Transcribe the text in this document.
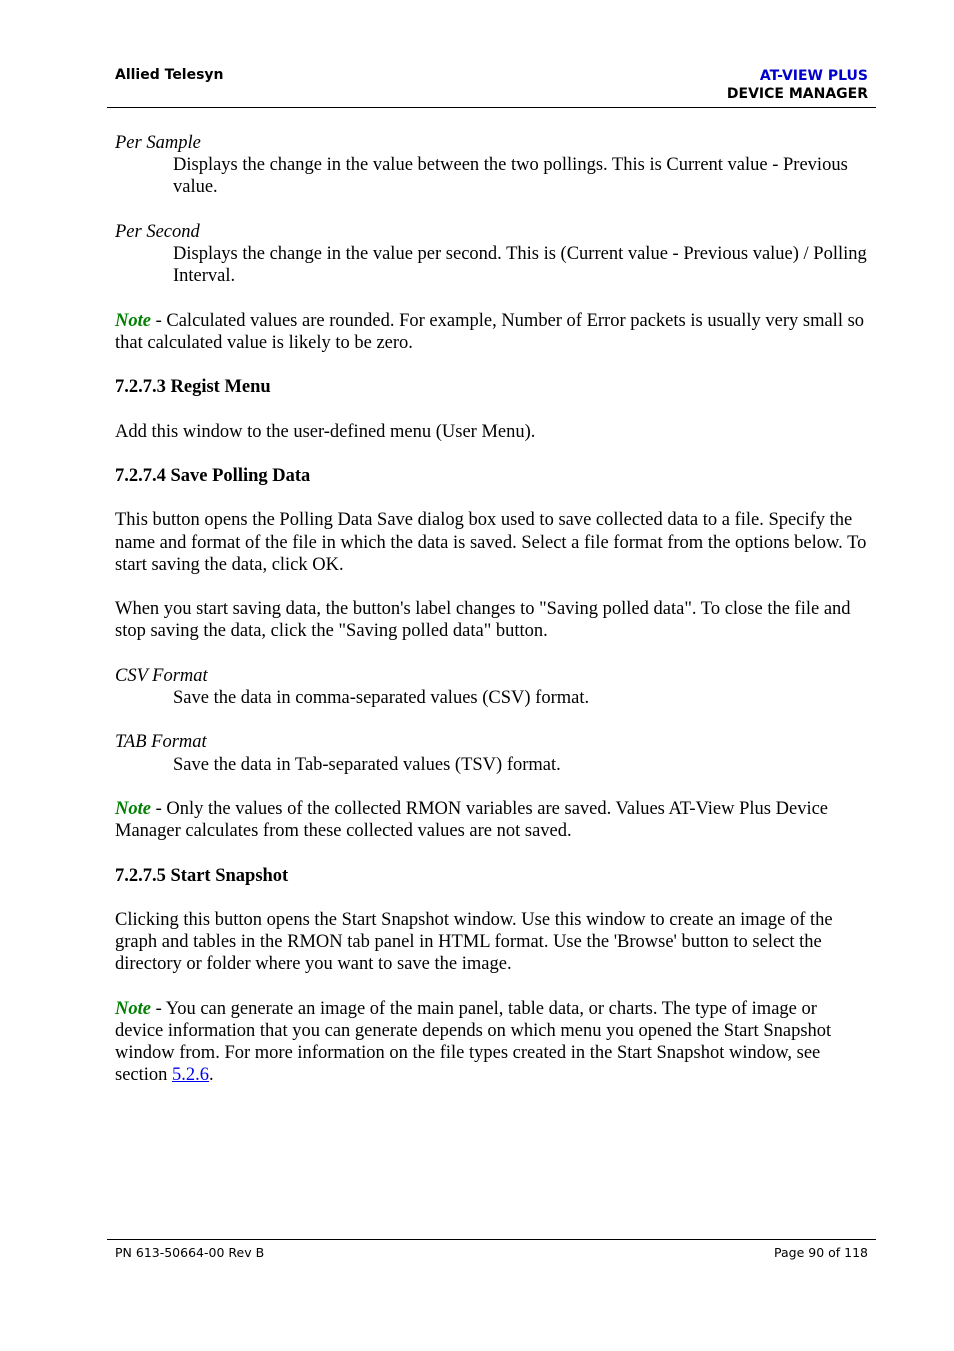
Allied Telesyn	AT-VIEW PLUS
DEVICE MANAGER
Per Sample

Displays the change in the value between the two pollings. This is Current value - Previous value.

Per Second

Displays the change in the value per second. This is (Current value - Previous value) / Polling Interval.

Note - Calculated values are rounded. For example, Number of Error packets is usually very small so that calculated value is likely to be zero.

7.2.7.3 Regist Menu

Add this window to the user-defined menu (User Menu).

7.2.7.4 Save Polling Data

This button opens the Polling Data Save dialog box used to save collected data to a file. Specify the name and format of the file in which the data is saved. Select a file format from the options below. To start saving the data, click OK.

When you start saving data, the button's label changes to "Saving polled data". To close the file and stop saving the data, click the "Saving polled data" button.

CSV Format

Save the data in comma-separated values (CSV) format.

TAB Format

Save the data in Tab-separated values (TSV) format.

Note - Only the values of the collected RMON variables are saved. Values AT-View Plus Device Manager calculates from these collected values are not saved.

7.2.7.5 Start Snapshot

Clicking this button opens the Start Snapshot window. Use this window to create an image of the graph and tables in the RMON tab panel in HTML format. Use the 'Browse' button to select the directory or folder where you want to save the image.

Note - You can generate an image of the main panel, table data, or charts. The type of image or device information that you can generate depends on which menu you opened the Start Snapshot window from. For more information on the file types created in the Start Snapshot window, see section 5.2.6.

PN 613-50664-00 Rev B	Page 90 of 118
